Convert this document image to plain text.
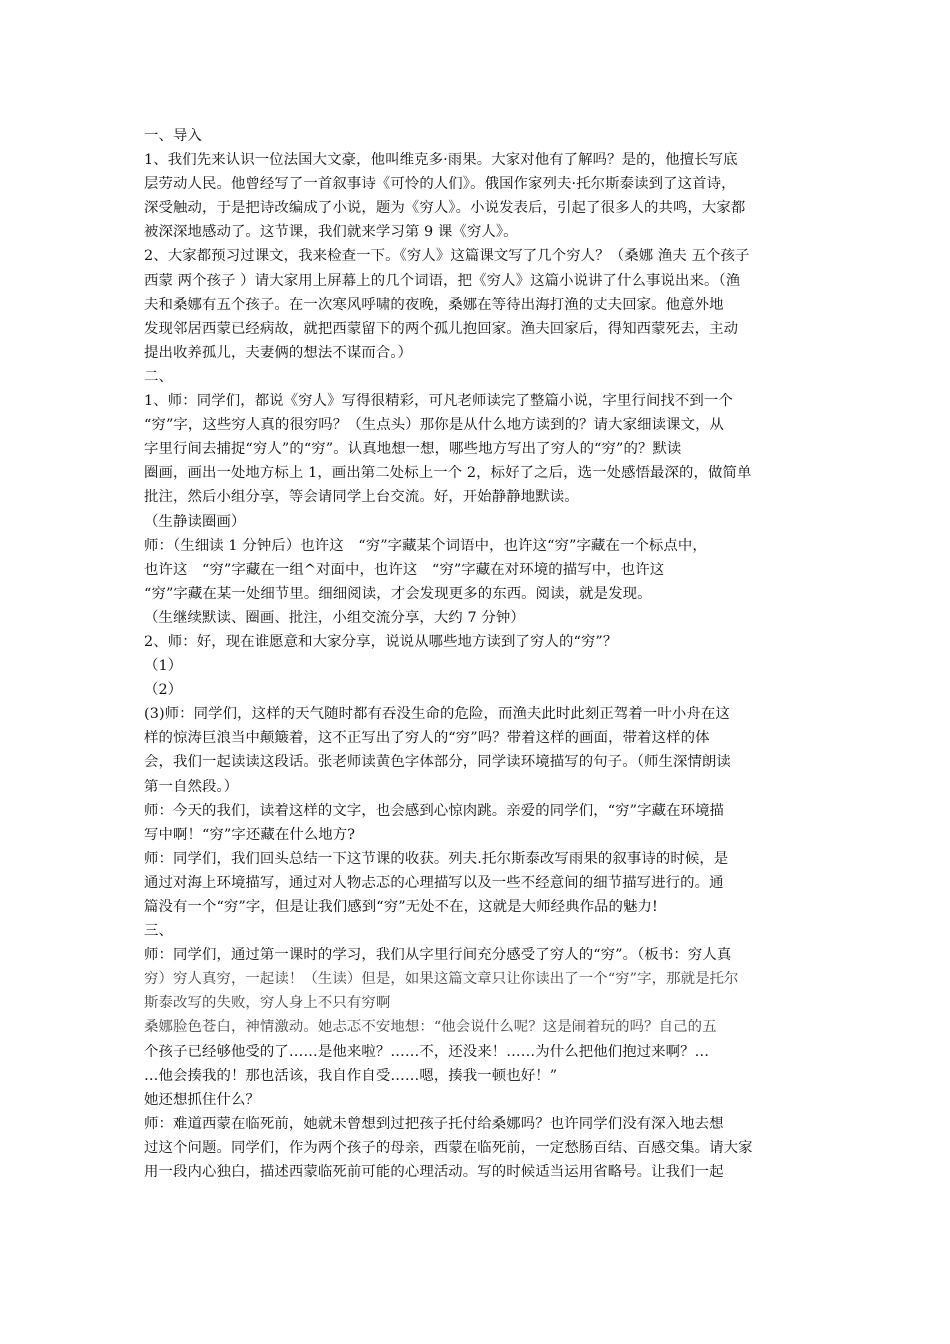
一、导入
1、我们先来认识一位法国大文豪，他叫维克多·雨果。大家对他有了解吗？是的，他擅长写底
层劳动人民。他曾经写了一首叙事诗《可怜的人们》。俄国作家列夫·托尔斯泰读到了这首诗，
深受触动，于是把诗改编成了小说，题为《穷人》。小说发表后，引起了很多人的共鸣，大家都
被深深地感动了。这节课，我们就来学习第 9 课《穷人》。
2、大家都预习过课文，我来检查一下。《穷人》这篇课文写了几个穷人？（桑娜 渔夫 五个孩子
西蒙 两个孩子 ）请大家用上屏幕上的几个词语，把《穷人》这篇小说讲了什么事说出来。（渔
夫和桑娜有五个孩子。在一次寒风呼啸的夜晚，桑娜在等待出海打渔的丈夫回家。他意外地
发现邻居西蒙已经病故，就把西蒙留下的两个孤儿抱回家。渔夫回家后，得知西蒙死去，主动
提出收养孤儿，夫妻俩的想法不谋而合。）
二、
1、师：同学们，都说《穷人》写得很精彩，可凡老师读完了整篇小说，字里行间找不到一个
“穷”字，这些穷人真的很穷吗？（生点头）那你是从什么地方读到的？请大家细读课文，从
字里行间去捕捉“穷人”的“穷”。认真地想一想，哪些地方写出了穷人的“穷”的？默读
圈画，画出一处地方标上 1，画出第二处标上一个 2，标好了之后，选一处感悟最深的，做简单
批注，然后小组分享，等会请同学上台交流。好，开始静静地默读。
（生静读圈画）
师：（生细读 1 分钟后）也许这　“穷”字藏某个词语中，也许这“穷”字藏在一个标点中，
也许这　“穷”字藏在一组^对面中，也许这　“穷”字藏在对环境的描写中，也许这
“穷”字藏在某一处细节里。细细阅读，才会发现更多的东西。阅读，就是发现。
（生继续默读、圈画、批注，小组交流分享，大约 7 分钟）
2、师：好，现在谁愿意和大家分享，说说从哪些地方读到了穷人的“穷”？
（1）
（2）
(3)师：同学们，这样的天气随时都有吞没生命的危险，而渔夫此时此刻正驾着一叶小舟在这
样的惊涛巨浪当中颠簸着，这不正写出了穷人的“穷”吗？带着这样的画面，带着这样的体
会，我们一起读读这段话。张老师读黄色字体部分，同学读环境描写的句子。（师生深情朗读
第一自然段。）
师：今天的我们，读着这样的文字，也会感到心惊肉跳。亲爱的同学们，“穷”字藏在环境描
写中啊！“穷”字还藏在什么地方?
师：同学们，我们回头总结一下这节课的收获。列夫.托尔斯泰改写雨果的叙事诗的时候，是
通过对海上环境描写，通过对人物忐忑的心理描写以及一些不经意间的细节描写进行的。通
篇没有一个“穷”字，但是让我们感到“穷”无处不在，这就是大师经典作品的魅力!
三、
师：同学们，通过第一课时的学习，我们从字里行间充分感受了穷人的“穷”。（板书：穷人真
穷）穷人真穷，一起读！（生读）但是，如果这篇文章只让你读出了一个“穷”字，那就是托尔
斯泰改写的失败，穷人身上不只有穷啊
桑娜脸色苍白，神情激动。她忐忑不安地想：“他会说什么呢？这是闹着玩的吗？自己的五
个孩子已经够他受的了……是他来啦？……不，还没来！……为什么把他们抱过来啊？…
…他会揍我的！那也活该，我自作自受……嗯，揍我一顿也好！”
她还想抓住什么？
师：难道西蒙在临死前，她就未曾想到过把孩子托付给桑娜吗？也许同学们没有深入地去想
过这个问题。同学们，作为两个孩子的母亲，西蒙在临死前，一定愁肠百结、百感交集。请大家
用一段内心独白，描述西蒙临死前可能的心理活动。写的时候适当运用省略号。让我们一起
